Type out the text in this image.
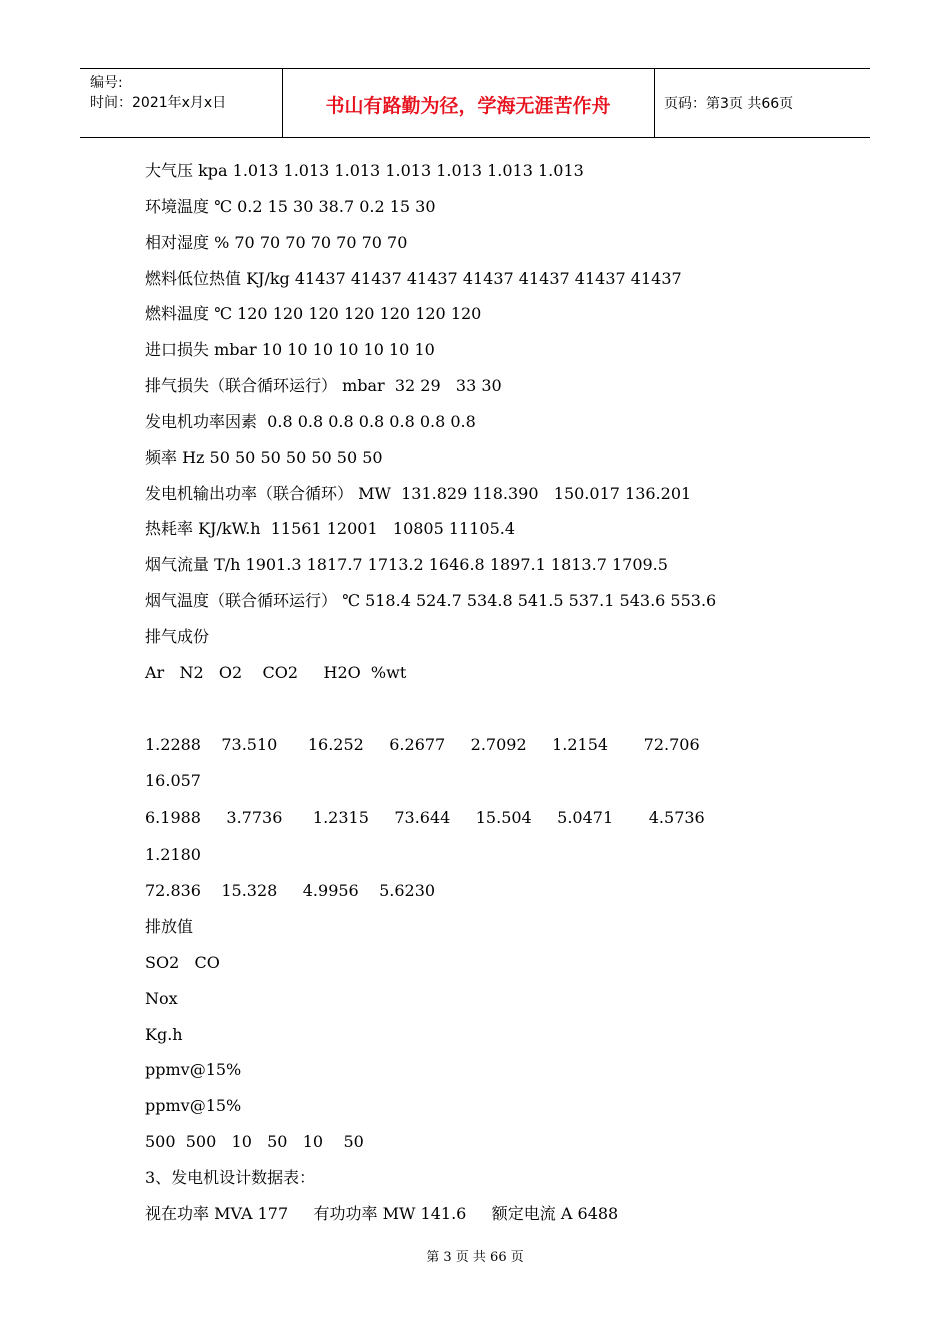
编号:
时间：2021年x月x日	书山有路勤为径，学海无涯苦作舟	页码：第3页 共66页
大气压 kpa 1.013 1.013 1.013 1.013 1.013 1.013 1.013
环境温度 ℃ 0.2 15 30 38.7 0.2 15 30
相对湿度 % 70 70 70 70 70 70 70
燃料低位热值 KJ/kg 41437 41437 41437 41437 41437 41437 41437
燃料温度 ℃ 120 120 120 120 120 120 120
进口损失 mbar 10 10 10 10 10 10 10
排气损失（联合循环运行） mbar  32 29   33 30
发电机功率因素  0.8 0.8 0.8 0.8 0.8 0.8 0.8
频率 Hz 50 50 50 50 50 50 50
发电机输出功率（联合循环） MW  131.829 118.390   150.017 136.201
热耗率 KJ/kW.h  11561 12001   10805 11105.4
烟气流量 T/h 1901.3 1817.7 1713.2 1646.8 1897.1 1813.7 1709.5
烟气温度（联合循环运行） ℃ 518.4 524.7 534.8 541.5 537.1 543.6 553.6
排气成份
Ar   N2   O2    CO2     H2O  %wt
1.2288    73.510      16.252     6.2677     2.7092     1.2154       72.706
16.057
6.1988     3.7736      1.2315     73.644     15.504     5.0471       4.5736
1.2180
72.836    15.328     4.9956    5.6230
排放值
SO2   CO
Nox
Kg.h
ppmv@15%
ppmv@15%
500  500   10   50   10    50
3、发电机设计数据表：
视在功率 MVA 177     有功功率 MW 141.6     额定电流 A 6488
第 3 页 共 66 页
